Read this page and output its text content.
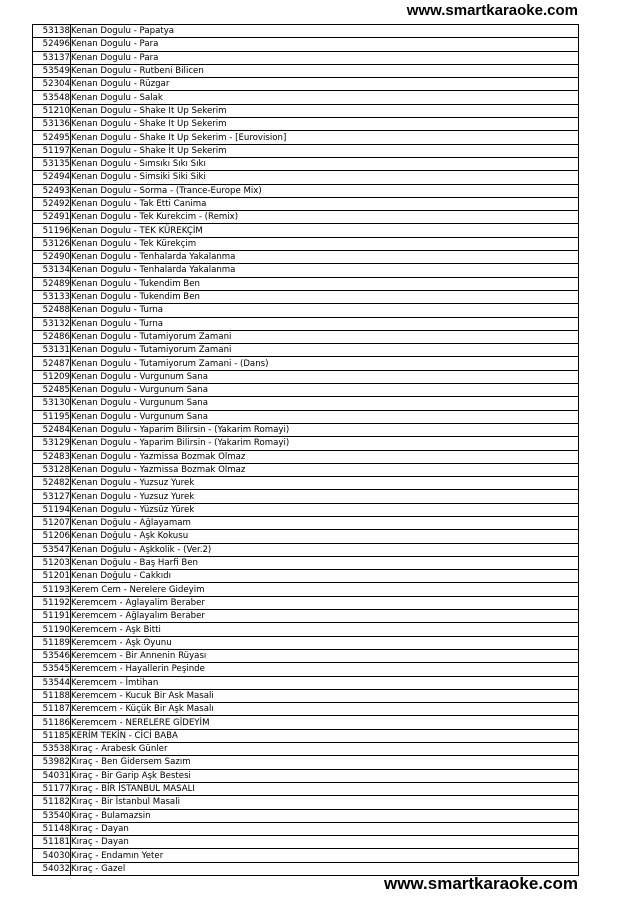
www.smartkaraoke.com
53138	Kenan Dogulu - Papatya
52496	Kenan Dogulu - Para
53137	Kenan Dogulu - Para
53549	Kenan Dogulu - Rutbeni Bilicen
52304	Kenan Dogulu - Rüzgar
53548	Kenan Dogulu - Salak
51210	Kenan Dogulu - Shake It Up Sekerim
53136	Kenan Dogulu - Shake It Up Sekerim
52495	Kenan Dogulu - Shake It Up Sekerim - [Eurovision]
51197	Kenan Dogulu - Shake İt Up Sekerim
53135	Kenan Dogulu - Sımsıkı Sıkı Sıkı
52494	Kenan Dogulu - Simsiki Siki Siki
52493	Kenan Dogulu - Sorma - (Trance-Europe Mix)
52492	Kenan Dogulu - Tak Etti Canima
52491	Kenan Dogulu - Tek Kurekcim - (Remix)
51196	Kenan Dogulu - TEK KÜREKÇİM
53126	Kenan Dogulu - Tek Kürekçim
52490	Kenan Dogulu - Tenhalarda Yakalanma
53134	Kenan Dogulu - Tenhalarda Yakalanma
52489	Kenan Dogulu - Tukendim Ben
53133	Kenan Dogulu - Tukendim Ben
52488	Kenan Dogulu - Turna
53132	Kenan Dogulu - Turna
52486	Kenan Dogulu - Tutamiyorum Zamani
53131	Kenan Dogulu - Tutamiyorum Zamani
52487	Kenan Dogulu - Tutamiyorum Zamani - (Dans)
51209	Kenan Dogulu - Vurgunum Sana
52485	Kenan Dogulu - Vurgunum Sana
53130	Kenan Dogulu - Vurgunum Sana
51195	Kenan Dogulu - Vurgunum Sana
52484	Kenan Dogulu - Yaparim Bilirsin - (Yakarim Romayi)
53129	Kenan Dogulu - Yaparim Bilirsin - (Yakarim Romayi)
52483	Kenan Dogulu - Yazmissa Bozmak Olmaz
53128	Kenan Dogulu - Yazmissa Bozmak Olmaz
52482	Kenan Dogulu - Yuzsuz Yurek
53127	Kenan Dogulu - Yuzsuz Yurek
51194	Kenan Dogulu - Yüzsüz Yürek
51207	Kenan Doğulu - Ağlayamam
51206	Kenan Doğulu - Aşk Kokusu
53547	Kenan Doğulu - Aşkkolik - (Ver.2)
51203	Kenan Doğulu - Baş Harfi Ben
51201	Kenan Doğulu - Cakkıdı
51193	Kerem Cem - Nerelere Gideyim
51192	Keremcem - Aglayalim Beraber
51191	Keremcem - Ağlayalım Beraber
51190	Keremcem - Aşk Bitti
51189	Keremcem - Aşk Oyunu
53546	Keremcem - Bir Annenin Rüyası
53545	Keremcem - Hayallerin Peşinde
53544	Keremcem - İmtihan
51188	Keremcem - Kucuk Bir Ask Masali
51187	Keremcem - Küçük Bir Aşk Masalı
51186	Keremcem - NERELERE GİDEYİM
51185	KERİM TEKİN - CİCİ BABA
53538	Kıraç - Arabesk Günler
53982	Kıraç - Ben Gidersem Sazım
54031	Kıraç - Bir Garip Aşk Bestesi
51177	Kıraç - BİR İSTANBUL MASALI
51182	Kıraç - Bir İstanbul Masali
53540	Kıraç - Bulamazsin
51148	Kıraç - Dayan
51181	Kıraç - Dayan
54030	Kıraç - Endamın Yeter
54032	Kıraç - Gazel
www.smartkaraoke.com
